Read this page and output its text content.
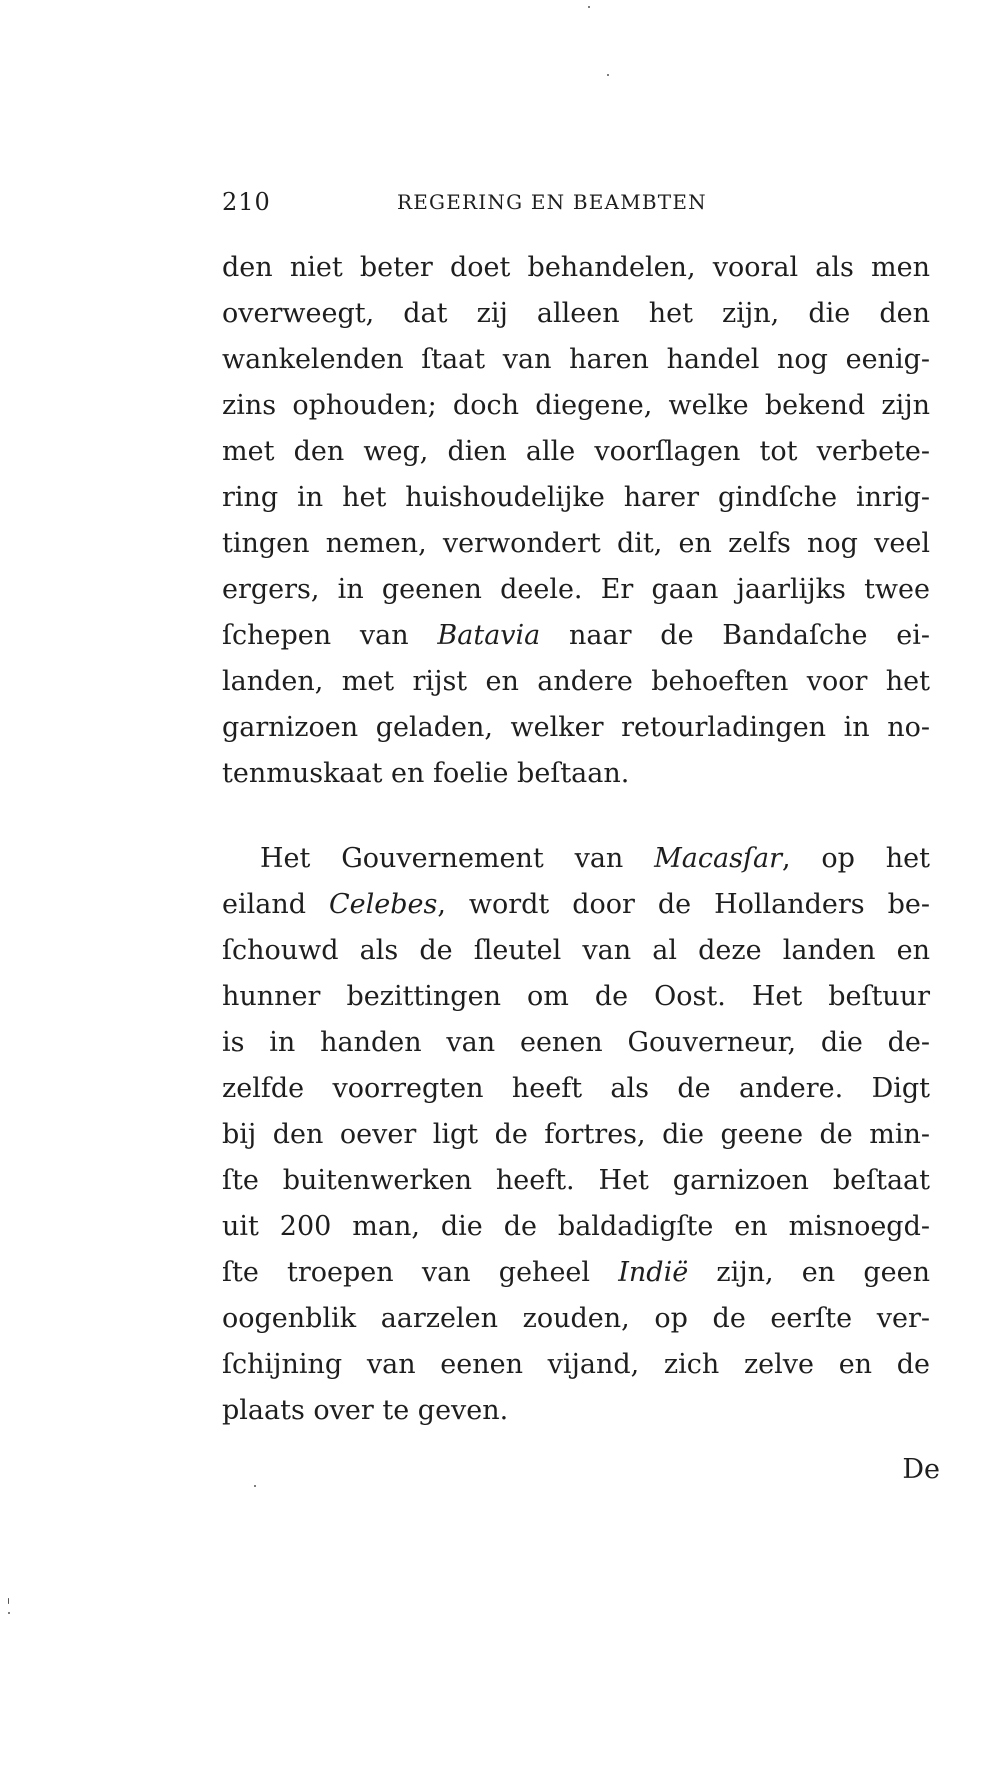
210	REGERING EN BEAMBTEN
den niet beter doet behandelen, vooral als men
overweegt, dat zij alleen het zijn, die den
wankelenden ſtaat van haren handel nog eenig-
zins ophouden; doch diegene, welke bekend zijn
met den weg, dien alle voorſlagen tot verbete-
ring in het huishoudelijke harer gindſche inrig-
tingen nemen, verwondert dit, en zelfs nog veel
ergers, in geenen deele. Er gaan jaarlijks twee
ſchepen van Batavia naar de Bandaſche ei-
landen, met rijst en andere behoeften voor het
garnizoen geladen, welker retourladingen in no-
tenmuskaat en foelie beſtaan.
Het Gouvernement van Macasſar, op het
eiland Celebes, wordt door de Hollanders be-
ſchouwd als de ſleutel van al deze landen en
hunner bezittingen om de Oost. Het beſtuur
is in handen van eenen Gouverneur, die de-
zelfde voorregten heeft als de andere. Digt
bij den oever ligt de fortres, die geene de min-
ſte buitenwerken heeft. Het garnizoen beſtaat
uit 200 man, die de baldadigſte en misnoegd-
ſte troepen van geheel Indië zijn, en geen
oogenblik aarzelen zouden, op de eerſte ver-
ſchijning van eenen vijand, zich zelve en de
plaats over te geven.
De
